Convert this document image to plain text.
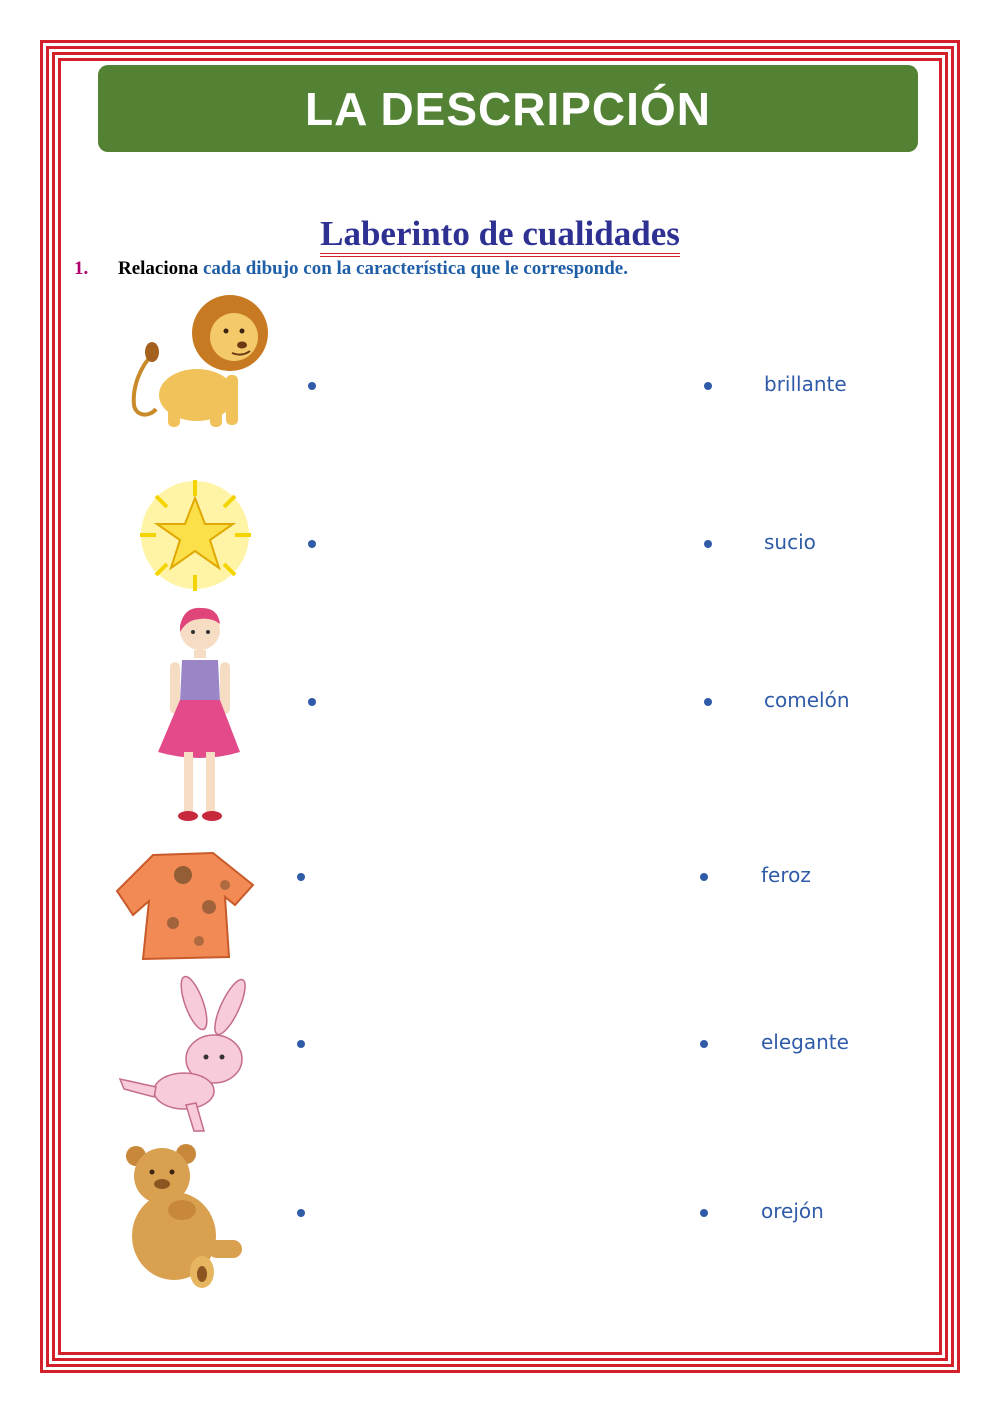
LA DESCRIPCIÓN
Laberinto de cualidades
1. Relaciona cada dibujo con la característica que le corresponde.
brillante
sucio
comelón
feroz
elegante
orejón
